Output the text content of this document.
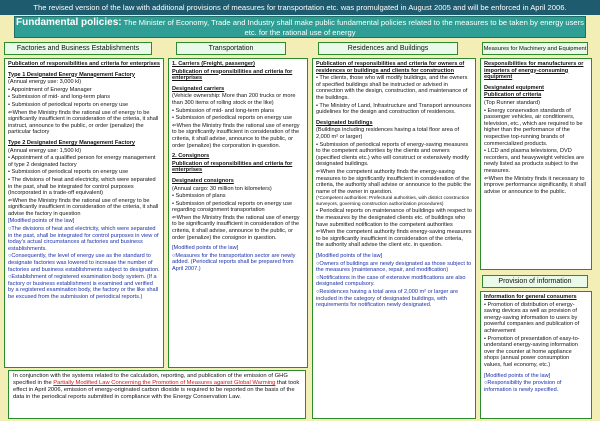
The revised version of the law with additional provisions of measures for transportation etc. was promulgated in August 2005 and will be enforced in April 2006.
Fundamental policies: The Minister of Economy, Trade and Industry shall make public fundamental policies related to the measures to be taken by energy users etc. for the rational use of energy
Factories and Business Establishments	Transportation	Residences and Buildings	Measures for Machinery and Equipment

Publication of responsibilities and criteria for enterprises

Type 1 Designated Energy Management Factory

(Annual energy use: 3,000 kl)

• Appointment of Energy Manager

• Submission of mid- and long-term plans

• Submission of periodical reports on energy use

⇐When the Ministry finds the rational use of energy to be significantly insufficient in consideration of the criteria, it shall instruct, announce to the public, or order (penalize) the particular factory

Type 2 Designated Energy Management Factory

(Annual energy use: 1,500 kl)

• Appointment of a qualified person for energy management of type 2 designated factory

• Submission of periodical reports on energy use

• The divisions of heat and electricity, which were separated in the past, shall be integrated for control purposes (Incorporated in a trade-off equivalent)

⇐When the Ministry finds the rational use of energy to be significantly insufficient in consideration of the criteria, it shall advise the factory in question

[Modified points of the law]

○The divisions of heat and electricity, which were separated in the past, shall be integrated for control purposes in view of today's actual circumstances at factories and business establishments.

○Consequently, the level of energy use as the standard to designate factories was lowered to increase the number of factories and business establishments subject to designation.

○Establishment of registered examination body system. (If a factory or business establishment is examined and verified by a registered examination body, the factory or the like shall be excused from the submission of periodical reports.)

1. Carriers (Freight, passenger)

Publication of responsibilities and criteria for enterprises

Designated carriers

(Vehicle ownership: More than 200 trucks or more than 300 items of rolling stock or the like)

• Submission of mid- and long-term plans

• Submission of periodical reports on energy use

⇐When the Ministry finds the rational use of energy to be significantly insufficient in consideration of the criteria, it shall advise, announce to the public, or order (penalize) the corporation in question.

2. Consignors

Publication of responsibilities and criteria for enterprises

Designated consignors

(Annual cargo: 30 million ton kilometers)

• Submission of plans

• Submission of periodical reports on energy use regarding consignment transportation

⇐When the Ministry finds the rational use of energy to be significantly insufficient in consideration of the criteria, it shall advise, announce to the public, or order (penalize) the consignor in question.

[Modified points of the law]

○Measures for the transportation sector are newly added. (Periodical reports shall be prepared from April 2007.)

Publication of responsibilities and criteria for owners of residences or buildings and clients for construction

• The clients, those who will modify buildings, and the owners of specified buildings shall be instructed or advised in connection with the design, construction, and maintenance of the buildings.

• The Ministry of Land, Infrastructure and Transport announces guidelines for the design and construction of residences.

Designated buildings

(Buildings including residences having a total floor area of 2,000 m² or larger)

• Submission of periodical reports of energy-saving measures to the competent authorities by the clients and owners (specified clients etc.) who will construct or extensively modify designated buildings.

⇐When the competent authority finds the energy-saving measures to be significantly insufficient in consideration of the criteria, the authority shall advise or announce to the public the name of the owner in question.

(*Competent authorities: Prefectural authorities, with district construction surveyors, governing construction authorization procedures)

• Periodical reports on maintenance of buildings with respect to the measures by the designated clients etc. of buildings who have submitted notification to the competent authorities

⇐When the competent authority finds energy-saving measures to be significantly insufficient in consideration of the criteria, the authority shall advise the client etc. in question.

[Modified points of the law]

○Owners of buildings are newly designated as those subject to the measures (maintenance, repair, and modification)

○Notifications in the case of extensive modifications are also designated compulsory.

○Residences having a total area of 2,000 m² or larger are included in the category of designated buildings, with requirements for notification newly designated.

Responsibilities for manufacturers or importers of energy-consuming equipment

Designated equipment

Publication of criteria

(Top Runner standard)

• Energy conservation standards of passenger vehicles, air conditioners, television, etc., which are required to be higher than the performance of the respective top-running brands of commercialized products.

• LCD and plasma televisions, DVD recorders, and heavyweight vehicles are newly listed as products subject to the measures.

⇐When the Ministry finds it necessary to improve performance significantly, it shall advise or announce to the public.

Provision of information

Information for general consumers

• Promotion of distribution of energy-saving devices as well as provision of energy-saving information to users by powerful companies and publication of achievement

• Promotion of presentation of easy-to-understand energy-saving information over the counter at home appliance shops (annual power consumption values, fuel economy, etc.)

[Modified points of the law]

○Responsibility the provision of information is newly specified.

In conjunction with the systems related to the calculation, reporting, and publication of the emission of GHG specified in the Partially Modified Law Concerning the Promotion of Measures against Global Warming that took effect in April 2006, emission of energy-originated carbon dioxide is required to be reported on the basis of the data in the periodical reports submitted in compliance with the Energy Conservation Law.
